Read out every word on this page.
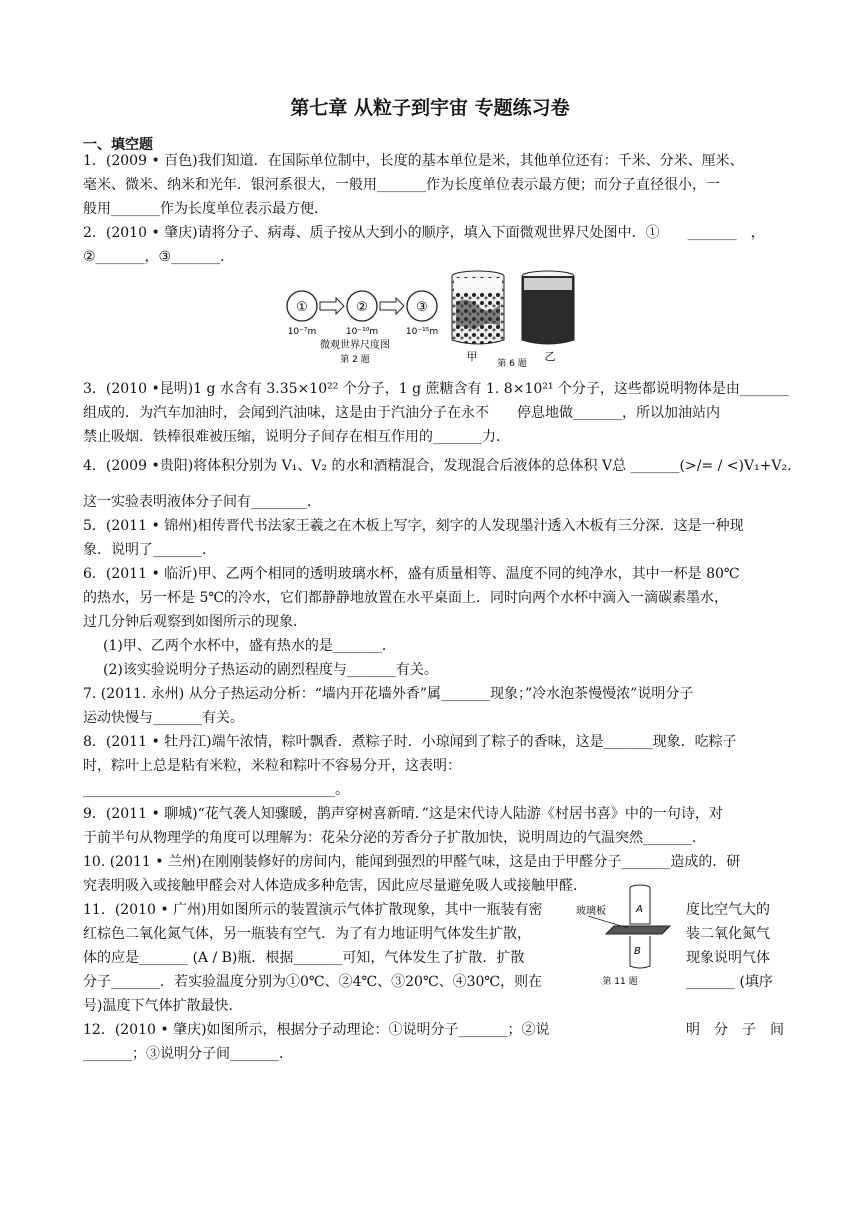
第七章 从粒子到宇宙 专题练习卷
一、填空题
1．(2009 • 百色)我们知道．在国际单位制中，长度的基本单位是米，其他单位还有：千米、分米、厘米、
毫米、微米、纳米和光年．银河系很大，一般用_______作为长度单位表示最方便；而分子直径很小，一
般用_______作为长度单位表示最方便．
2．(2010 • 肇庆)请将分子、病毒、质子按从大到小的顺序，填入下面微观世界尺处图中．①　　_______　，
②_______，③_______．
①	②	③
10⁻⁷m	10⁻¹⁰m	10⁻¹⁵m
微观世界尺度图
第 2 题	甲
第 6 题
乙
3．(2010 •昆明)1 g 水含有 3.35×10²² 个分子，1 g 蔗糖含有 1. 8×10²¹ 个分子，这些都说明物体是由_______
组成的．为汽车加油时，会闻到汽油味，这是由于汽油分子在永不　　停息地做_______，所以加油站内
禁止吸烟．铁棒很难被压缩，说明分子间存在相互作用的_______力．
4．(2009 •贵阳)将体积分别为 V₁、V₂ 的水和酒精混合，发现混合后液体的总体积 V总 _______(>/= / <)V₁+V₂.
这一实验表明液体分子间有________．
5．(2011 • 锦州)相传晋代书法家王羲之在木板上写字，刻字的人发现墨汁透入木板有三分深．这是一种现
象．说明了_______．
6．(2011 • 临沂)甲、乙两个相同的透明玻璃水杯，盛有质量相等、温度不同的纯净水，其中一杯是 80℃
的热水，另一杯是 5℃的冷水，它们都静静地放置在水平桌面上．同时向两个水杯中滴入一滴碳素墨水，
过几分钟后观察到如图所示的现象．
(1)甲、乙两个水杯中，盛有热水的是_______．
(2)该实验说明分子热运动的剧烈程度与_______有关。
7. (2011. 永州) 从分子热运动分析：“墙内开花墙外香”属_______现象；”冷水泡茶慢慢浓”说明分子
运动快慢与_______有关。
8．(2011 • 牡丹江)端午浓情，粽叶飘香．煮粽子时．小琼闻到了粽子的香味，这是_______现象．吃粽子
时，粽叶上总是粘有米粒，米粒和粽叶不容易分开，这表明：
____________________________________。
9．(2011 • 聊城)“花气袭人知骤暖，鹊声穿树喜新晴．”这是宋代诗人陆游《村居书喜》中的一句诗，对
于前半句从物理学的角度可以理解为：花朵分泌的芳香分子扩散加快，说明周边的气温突然_______．
10. (2011 • 兰州)在刚刚装修好的房间内，能闻到强烈的甲醛气味，这是由于甲醛分子_______造成的．研
究表明吸入或接触甲醛会对人体造成多种危害，因此应尽量避免吸人或接触甲醛．
11．(2010 • 广州)用如图所示的装置演示气体扩散现象，其中一瓶装有密	度比空气大的
红棕色二氧化氮气体，另一瓶装有空气．为了有力地证明气体发生扩散，	装二氧化氮气
体的应是_______ (A / B)瓶．根据_______可知，气体发生了扩散．扩散	现象说明气体
分子_______．若实验温度分别为①0℃、②4℃、③20℃、④30℃，则在	_______ (填序
号)温度下气体扩散最快．
12．(2010 • 肇庆)如图所示，根据分子动理论：①说明分子_______；②说	明　分　子　间
_______；③说明分子间_______．
A
玻璃板
B
第 11 题
